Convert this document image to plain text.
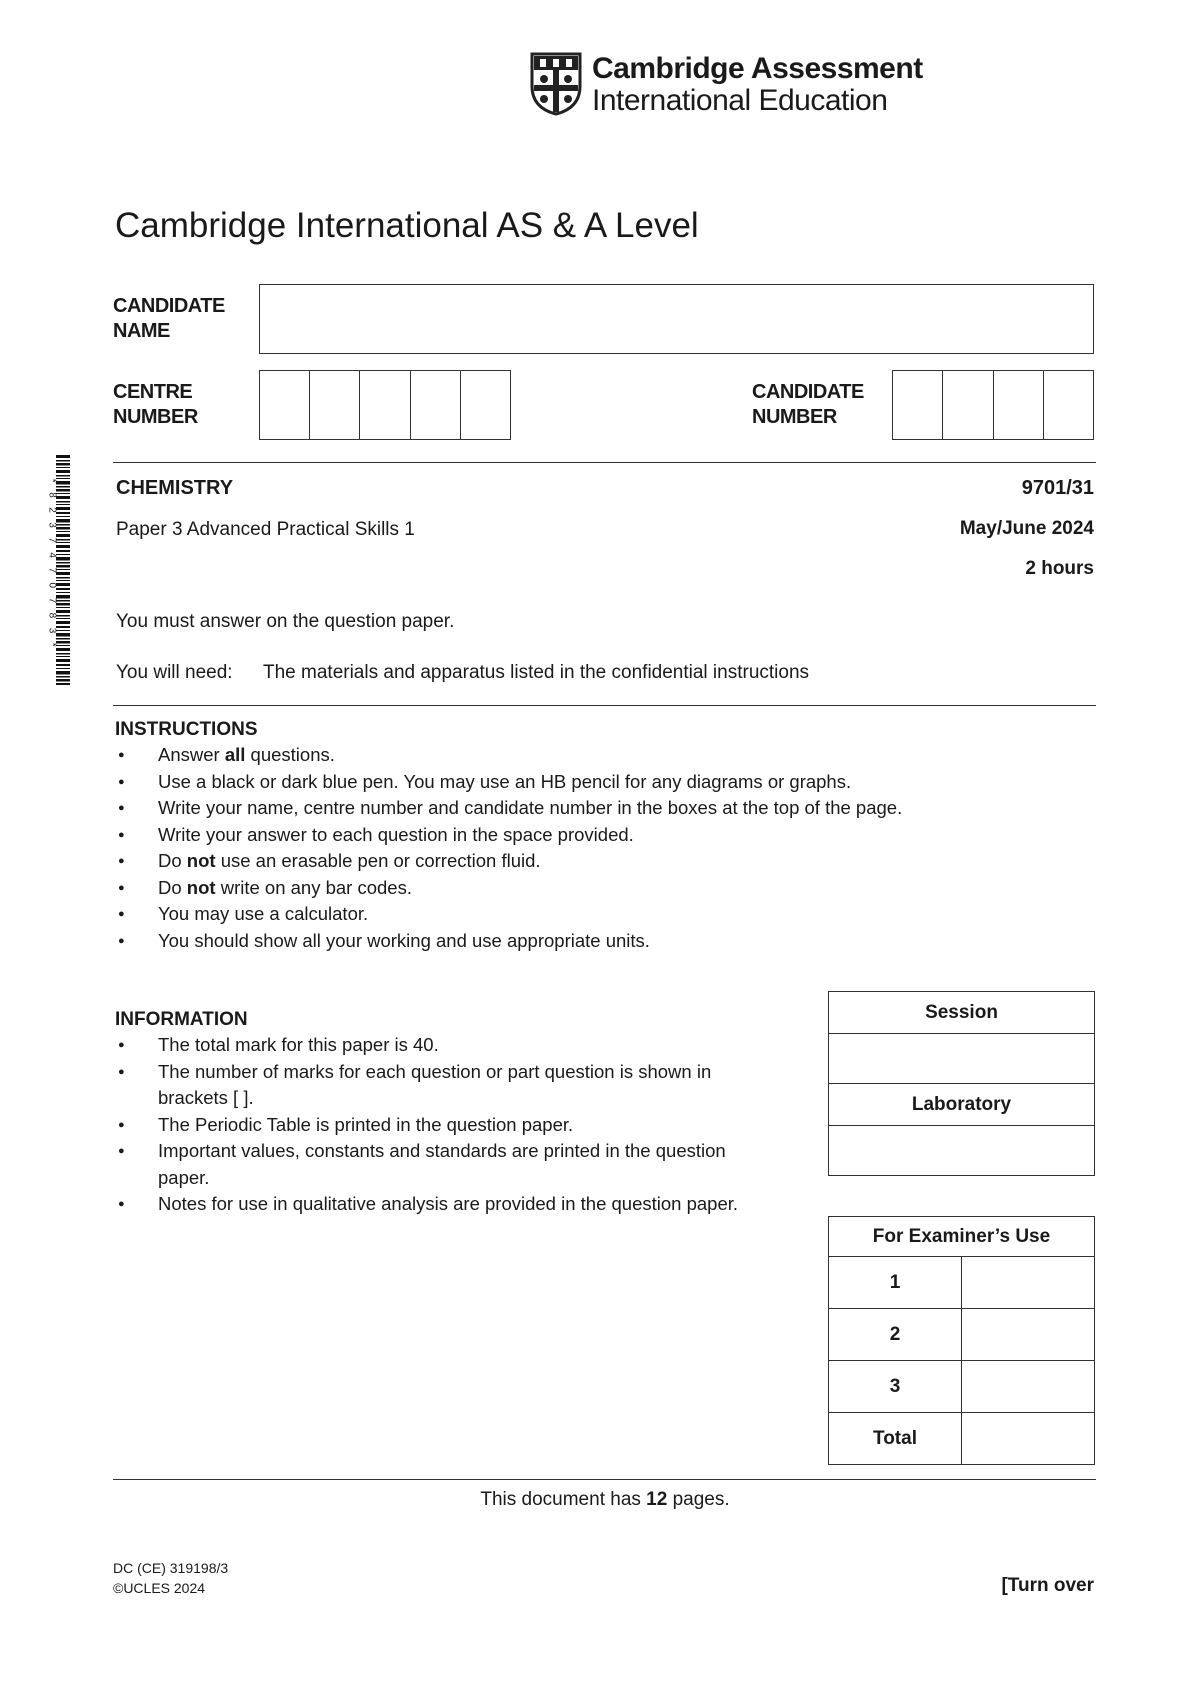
Cambridge Assessment
International Education
Cambridge International AS & A Level
CANDIDATE
NAME
CENTRE
NUMBER
CANDIDATE
NUMBER
*8237470783*	CHEMISTRY	9701/31
Paper 3 Advanced Practical Skills 1	May/June 2024
2 hours
You must answer on the question paper.
You will need: The materials and apparatus listed in the confidential instructions
INSTRUCTIONS
● Answer all questions.
● Use a black or dark blue pen. You may use an HB pencil for any diagrams or graphs.
● Write your name, centre number and candidate number in the boxes at the top of the page.
● Write your answer to each question in the space provided.
● Do not use an erasable pen or correction fluid.
● Do not write on any bar codes.
● You may use a calculator.
● You should show all your working and use appropriate units.
INFORMATION
● The total mark for this paper is 40.
● The number of marks for each question or part question is shown in brackets [ ].
● The Periodic Table is printed in the question paper.
● Important values, constants and standards are printed in the question paper.
● Notes for use in qualitative analysis are provided in the question paper.
Session

Laboratory

For Examiner’s Use	
1	
2	
3	
Total	
This document has 12 pages.
DC (CE) 319198/3
©UCLES 2024	[Turn over
